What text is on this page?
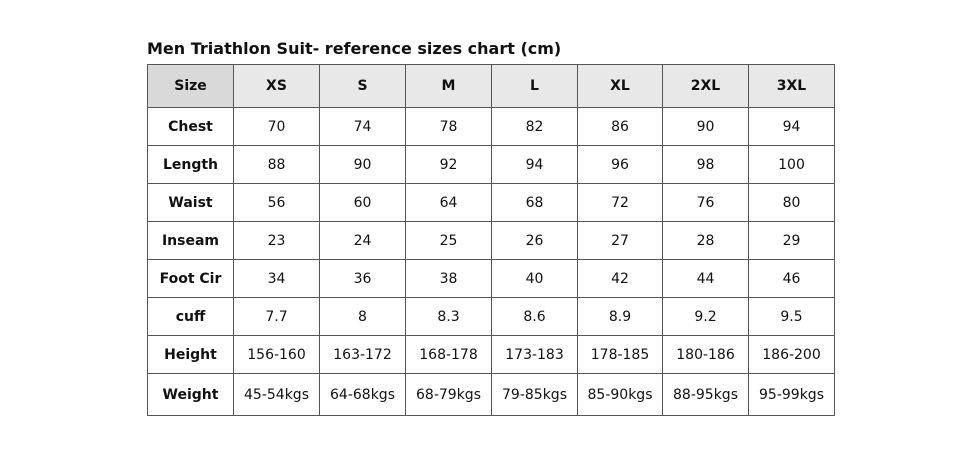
Men Triathlon Suit- reference sizes chart (cm)
Size	XS	S	M	L	XL	2XL	3XL
Chest	70	74	78	82	86	90	94
Length	88	90	92	94	96	98	100
Waist	56	60	64	68	72	76	80
Inseam	23	24	25	26	27	28	29
Foot Cir	34	36	38	40	42	44	46
cuff	7.7	8	8.3	8.6	8.9	9.2	9.5
Height	156-160	163-172	168-178	173-183	178-185	180-186	186-200
Weight	45-54kgs	64-68kgs	68-79kgs	79-85kgs	85-90kgs	88-95kgs	95-99kgs
